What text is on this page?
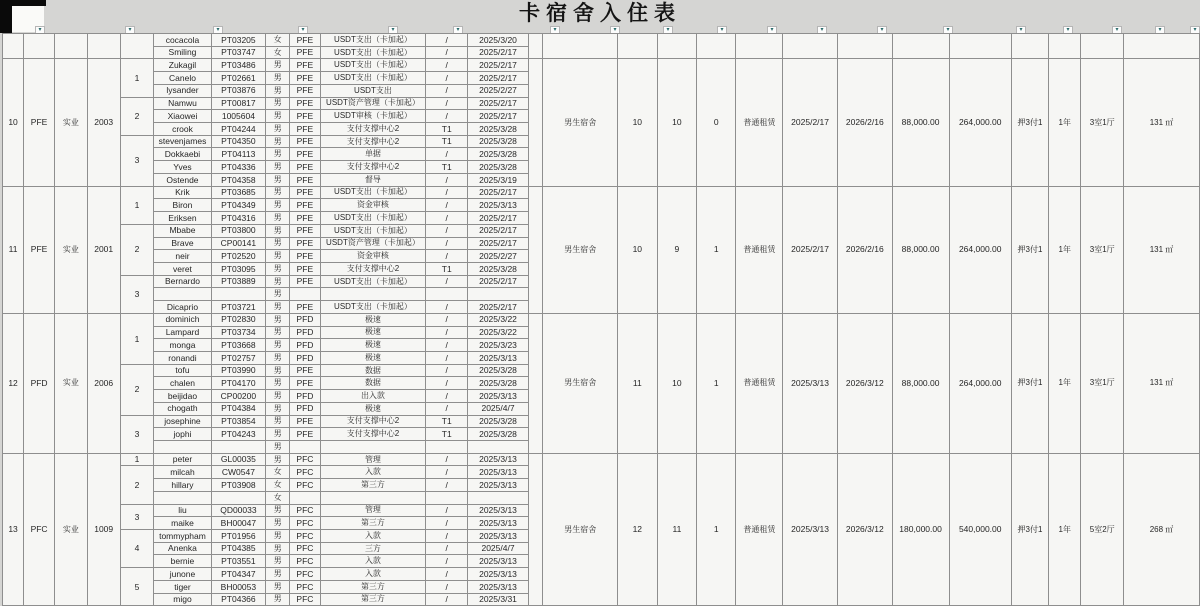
卡宿舍入住表
▾	▾	▾	▾	▾	▾	▾	▾	▾	▾	▾	▾	▾	▾	▾	▾	▾	▾	▾
					cocacola	PT03205	女	PFE	USDT支出（卡加起）	/	2025/3/20														
					Smiling	PT03747	女	PFE	USDT支出（卡加起）	/	2025/2/17														
10	PFE	实业	2003	1	Zukagil	PT03486	男	PFE	USDT支出（卡加起）	/	2025/2/17		男生宿舍	10	10	0	普通租赁	2025/2/17	2026/2/16	88,000.00	264,000.00	押3付1	1年	3室1厅	131 ㎡
					Canelo	PT02661	男	PFE	USDT支出（卡加起）	/	2025/2/17														
					lysander	PT03876	男	PFE	USDT支出	/	2025/2/27														
				2	Namwu	PT00817	男	PFE	USDT资产管理（卡加起）	/	2025/2/17														
					Xiaowei	1005604	男	PFE	USDT审核（卡加起）	/	2025/2/17														
					crook	PT04244	男	PFE	支付支撑中心2	T1	2025/3/28														
				3	stevenjames	PT04350	男	PFE	支付支撑中心2	T1	2025/3/28														
					Dokkaebi	PT04113	男	PFE	单据	/	2025/3/28														
					Yves	PT04336	男	PFE	支付支撑中心2	T1	2025/3/28														
					Ostende	PT04358	男	PFE	督导	/	2025/3/19														
11	PFE	实业	2001	1	Krik	PT03685	男	PFE	USDT支出（卡加起）	/	2025/2/17		男生宿舍	10	9	1	普通租赁	2025/2/17	2026/2/16	88,000.00	264,000.00	押3付1	1年	3室1厅	131 ㎡
					Biron	PT04349	男	PFE	资金审核	/	2025/3/13														
					Eriksen	PT04316	男	PFE	USDT支出（卡加起）	/	2025/2/17														
				2	Mbabe	PT03800	男	PFE	USDT支出（卡加起）	/	2025/2/17														
					Brave	CP00141	男	PFE	USDT资产管理（卡加起）	/	2025/2/17														
					neir	PT02520	男	PFE	资金审核	/	2025/2/27														
					veret	PT03095	男	PFE	支付支撑中心2	T1	2025/3/28														
				3	Bernardo	PT03889	男	PFE	USDT支出（卡加起）	/	2025/2/17														
							男																		
					Dicaprio	PT03721	男	PFE	USDT支出（卡加起）	/	2025/2/17														
12	PFD	实业	2006	1	dominich	PT02830	男	PFD	极速	/	2025/3/22		男生宿舍	11	10	1	普通租赁	2025/3/13	2026/3/12	88,000.00	264,000.00	押3付1	1年	3室1厅	131 ㎡
					Lampard	PT03734	男	PFD	极速	/	2025/3/22														
					monga	PT03668	男	PFD	极速	/	2025/3/23														
					ronandi	PT02757	男	PFD	极速	/	2025/3/13														
				2	tofu	PT03990	男	PFE	数据	/	2025/3/28														
					chalen	PT04170	男	PFE	数据	/	2025/3/28														
					beijidao	CP00200	男	PFD	出入款	/	2025/3/13														
					chogath	PT04384	男	PFD	极速	/	2025/4/7														
				3	josephine	PT03854	男	PFE	支付支撑中心2	T1	2025/3/28														
					jophi	PT04243	男	PFE	支付支撑中心2	T1	2025/3/28														
							男																		
13	PFC	实业	1009	1	peter	GL00035	男	PFC	管理	/	2025/3/13		男生宿舍	12	11	1	普通租赁	2025/3/13	2026/3/12	180,000.00	540,000.00	押3付1	1年	5室2厅	268 ㎡
				2	milcah	CW0547	女	PFC	入款	/	2025/3/13														
					hillary	PT03908	女	PFC	第三方	/	2025/3/13														
							女																		
				3	liu	QD00033	男	PFC	管理	/	2025/3/13														
					maike	BH00047	男	PFC	第三方	/	2025/3/13														
				4	tommypham	PT01956	男	PFC	入款	/	2025/3/13														
					Anenka	PT04385	男	PFC	三方	/	2025/4/7														
					bernie	PT03551	男	PFC	入款	/	2025/3/13														
				5	junone	PT04347	男	PFC	入款	/	2025/3/13														
					tiger	BH00053	男	PFC	第三方	/	2025/3/13														
					migo	PT04366	男	PFC	第三方	/	2025/3/31														
